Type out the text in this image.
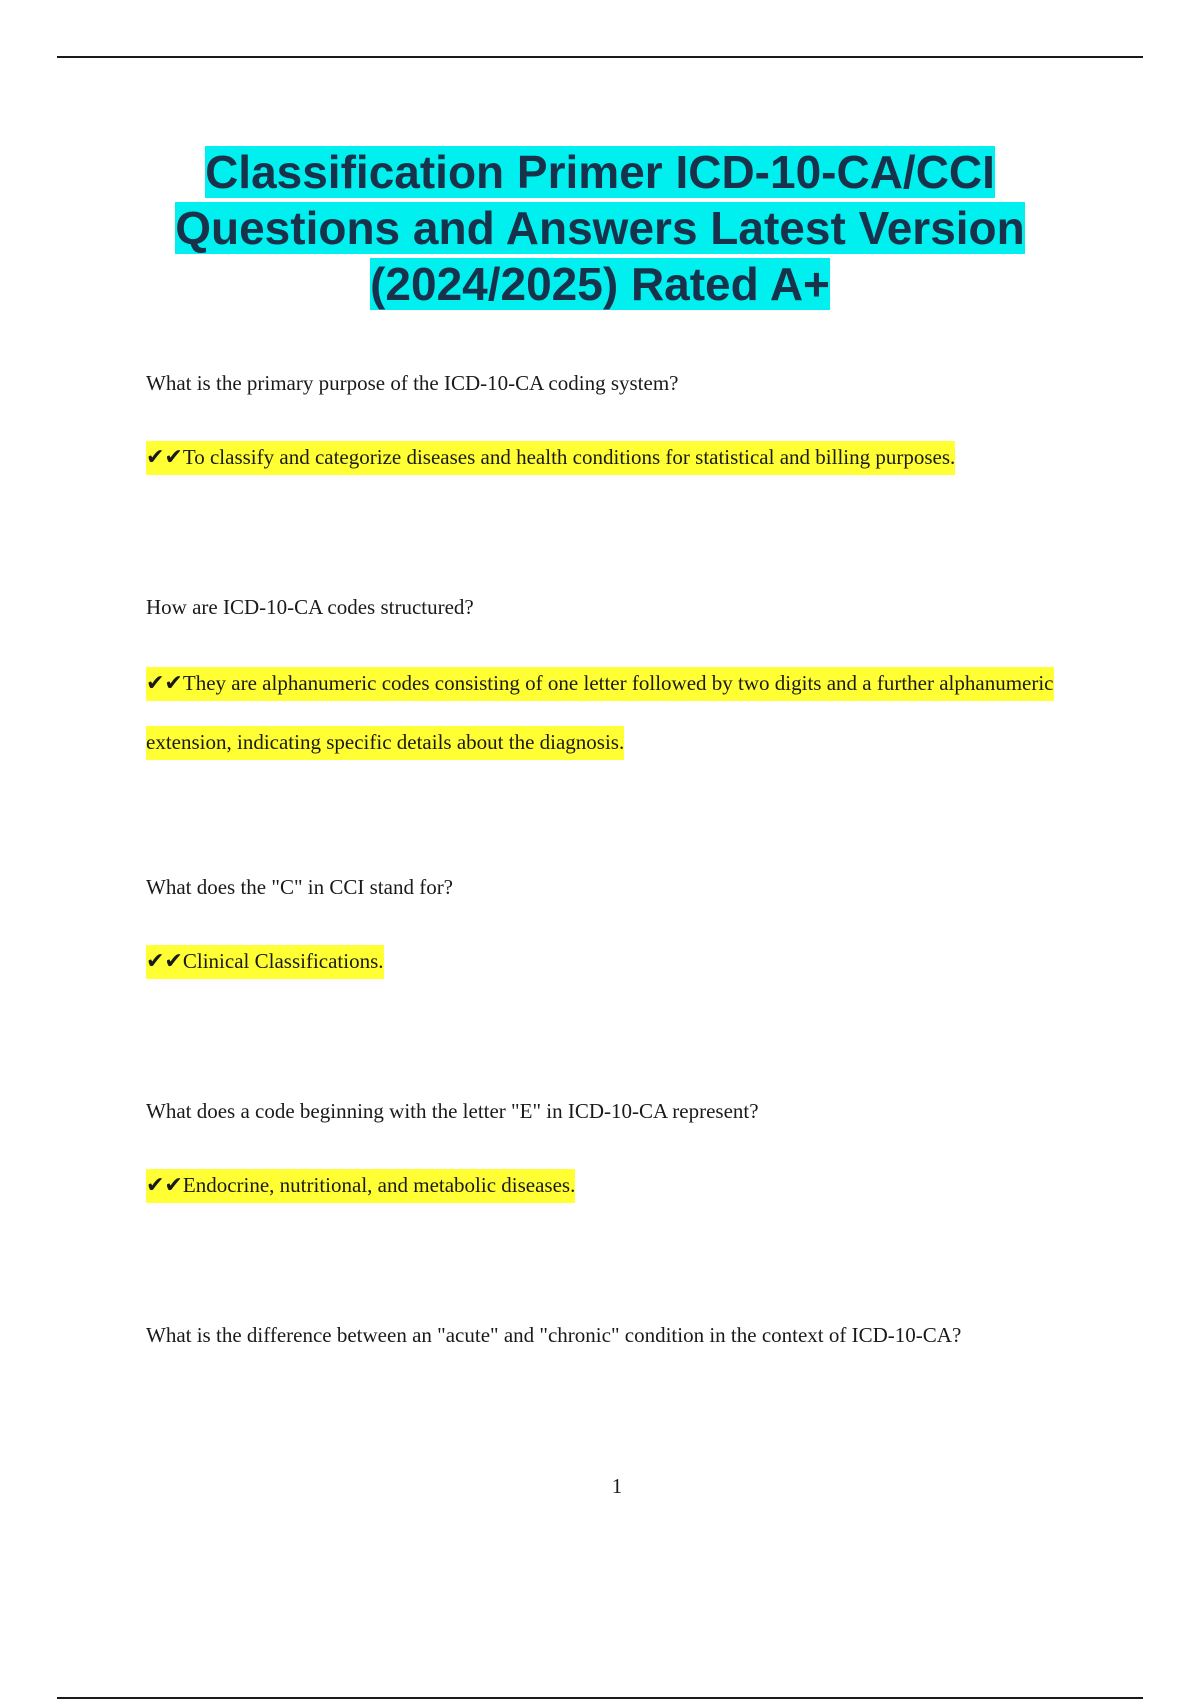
Classification Primer ICD-10-CA/CCI
Questions and Answers Latest Version
(2024/2025) Rated A+
What is the primary purpose of the ICD-10-CA coding system?
✔✔To classify and categorize diseases and health conditions for statistical and billing purposes.
How are ICD-10-CA codes structured?
✔✔They are alphanumeric codes consisting of one letter followed by two digits and a further alphanumeric extension, indicating specific details about the diagnosis.
What does the "C" in CCI stand for?
✔✔Clinical Classifications.
What does a code beginning with the letter "E" in ICD-10-CA represent?
✔✔Endocrine, nutritional, and metabolic diseases.
What is the difference between an "acute" and "chronic" condition in the context of ICD-10-CA?
1
